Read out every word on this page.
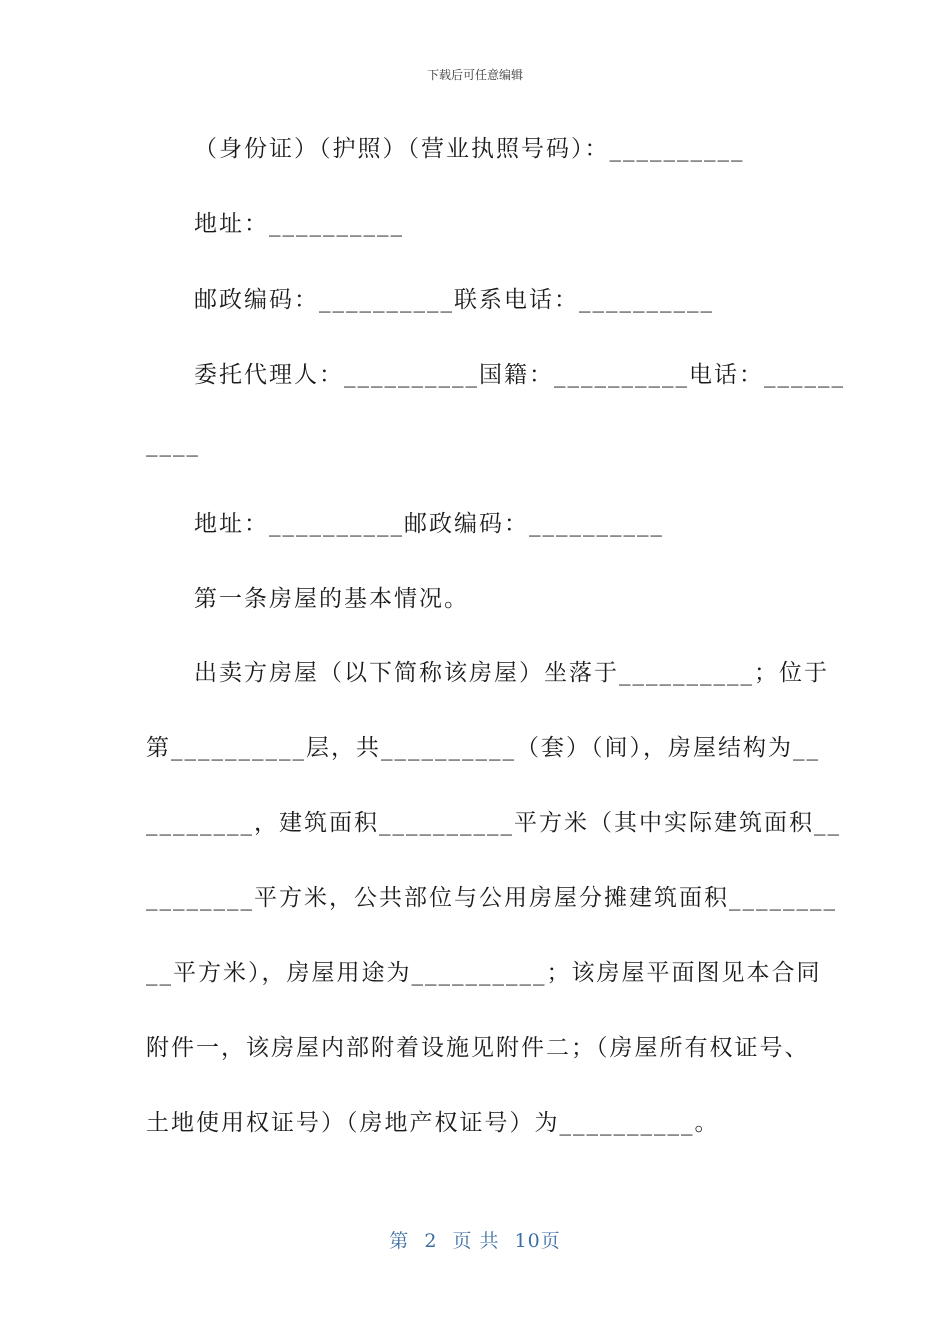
下载后可任意编辑
（身份证）（护照）（营业执照号码）：__________
地址：__________
邮政编码：__________联系电话：__________
委托代理人：__________国籍：__________电话：______
____
地址：__________邮政编码：__________
第一条房屋的基本情况。
出卖方房屋（以下简称该房屋）坐落于__________；位于
第__________层，共__________（套）（间），房屋结构为__
________，建筑面积__________平方米（其中实际建筑面积__
________平方米，公共部位与公用房屋分摊建筑面积________
__平方米），房屋用途为__________；该房屋平面图见本合同
附件一，该房屋内部附着设施见附件二；（房屋所有权证号、
土地使用权证号）（房地产权证号）为__________。
第 2 页 共 10页
